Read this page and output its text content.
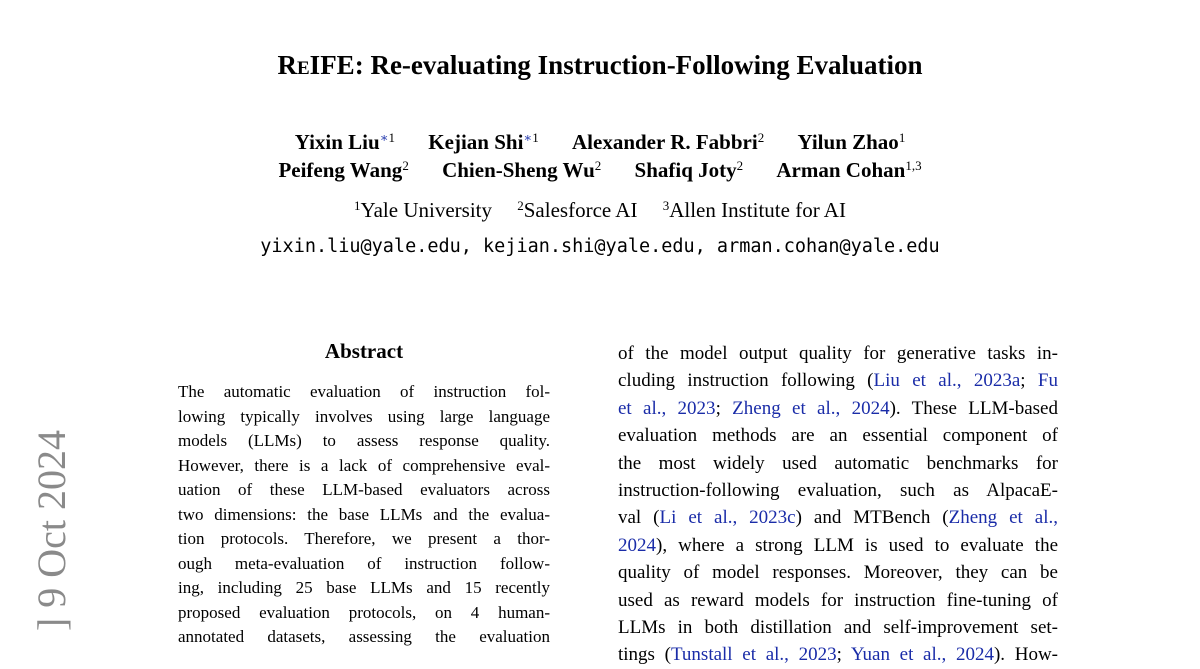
ReIFE: Re-evaluating Instruction-Following Evaluation
Yixin Liu$^{∗1}$ Kejian Shi$^{∗1}$ Alexander R. Fabbri$^2$ Yilun Zhao$^1$
Peifeng Wang$^2$ Chien-Sheng Wu$^2$ Shafiq Joty$^2$ Arman Cohan$^{1,3}$
$^1$Yale University $^2$Salesforce AI $^3$Allen Institute for AI
yixin.liu@yale.edu, kejian.shi@yale.edu, arman.cohan@yale.edu
] 9 Oct 2024
Abstract
The automatic evaluation of instruction fol-
lowing typically involves using large language
models (LLMs) to assess response quality.
However, there is a lack of comprehensive eval-
uation of these LLM-based evaluators across
two dimensions: the base LLMs and the evalua-
tion protocols. Therefore, we present a thor-
ough meta-evaluation of instruction follow-
ing, including 25 base LLMs and 15 recently
proposed evaluation protocols, on 4 human-
annotated datasets, assessing the evaluation
of the model output quality for generative tasks in-
cluding instruction following (Liu et al., 2023a; Fu
et al., 2023; Zheng et al., 2024). These LLM-based
evaluation methods are an essential component of
the most widely used automatic benchmarks for
instruction-following evaluation, such as AlpacaE-
val (Li et al., 2023c) and MTBench (Zheng et al.,
2024), where a strong LLM is used to evaluate the
quality of model responses. Moreover, they can be
used as reward models for instruction fine-tuning of
LLMs in both distillation and self-improvement set-
tings (Tunstall et al., 2023; Yuan et al., 2024). How-
